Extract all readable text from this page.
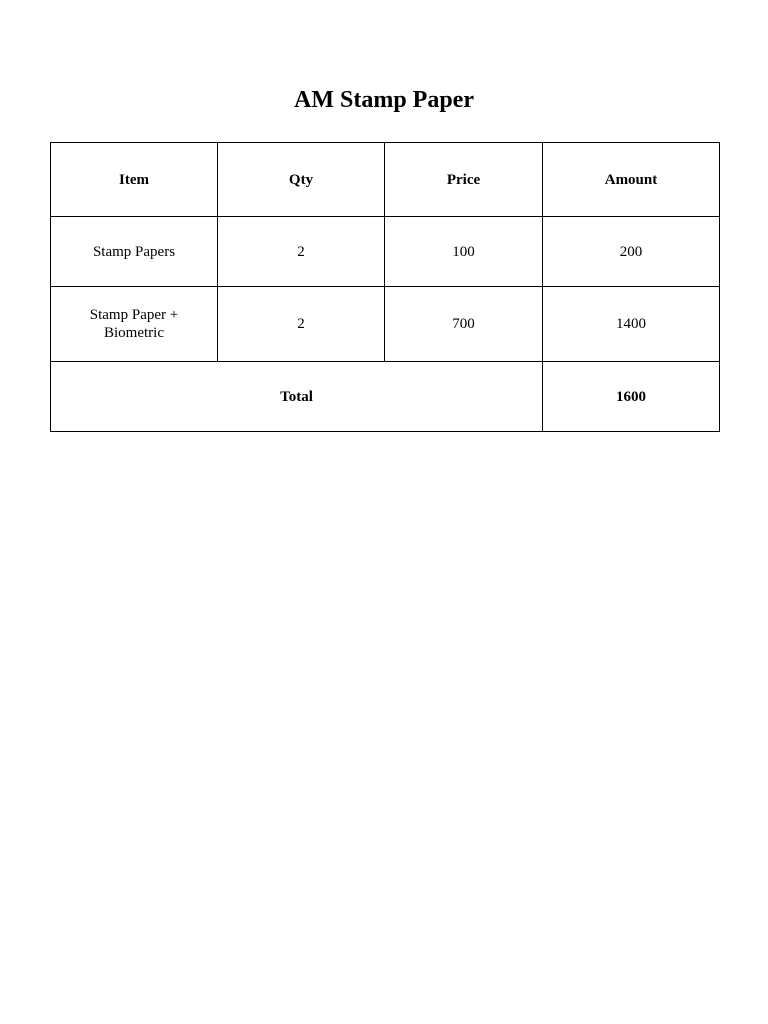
AM Stamp Paper
Item	Qty	Price	Amount
Stamp Papers	2	100	200
Stamp Paper + Biometric	2	700	1400
Total			1600
